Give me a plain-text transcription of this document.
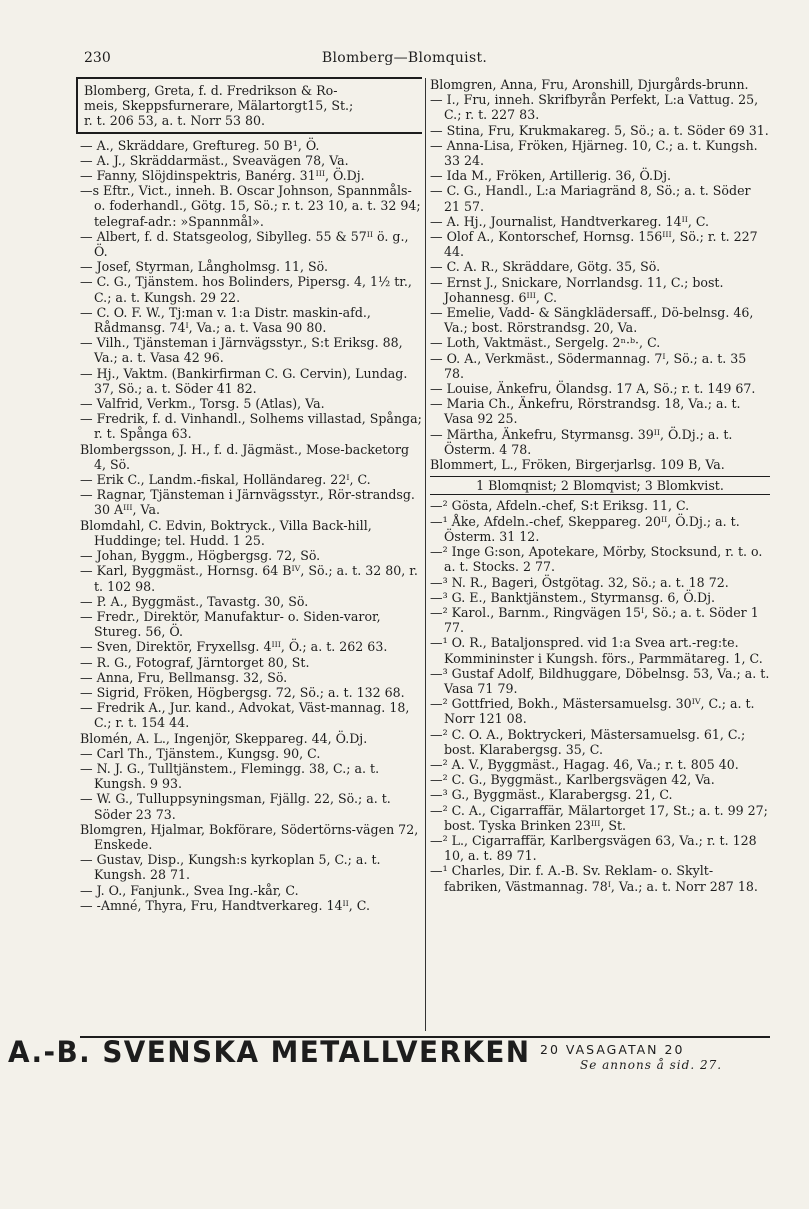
230	Blomberg—Blomquist.
Blomberg, Greta, f. d. Fredrikson & Ro-
meis, Skeppsfurnerare, Mälartorgt15, St.;
r. t. 206 53, a. t. Norr 53 80.

— A., Skräddare, Greftureg. 50 B¹, Ö.

— A. J., Skräddarmäst., Sveavägen 78, Va.

— Fanny, Slöjdinspektris, Banérg. 31ᴵᴵᴵ, Ö.Dj.

—s Eftr., Vict., inneh. B. Oscar Johnson, Spannmåls- o. foderhandl., Götg. 15, Sö.; r. t. 23 10, a. t. 32 94; telegraf-adr.: »Spannmål».

— Albert, f. d. Statsgeolog, Sibylleg. 55 & 57ᴵᴵ ö. g., Ö.

— Josef, Styrman, Långholmsg. 11, Sö.

— C. G., Tjänstem. hos Bolinders, Pipersg. 4, 1½ tr., C.; a. t. Kungsh. 29 22.

— C. O. F. W., Tj:man v. 1:a Distr. maskin-afd., Rådmansg. 74ᴵ, Va.; a. t. Vasa 90 80.

— Vilh., Tjänsteman i Järnvägsstyr., S:t Eriksg. 88, Va.; a. t. Vasa 42 96.

— Hj., Vaktm. (Bankirfirman C. G. Cervin), Lundag. 37, Sö.; a. t. Söder 41 82.

— Valfrid, Verkm., Torsg. 5 (Atlas), Va.

— Fredrik, f. d. Vinhandl., Solhems villastad, Spånga; r. t. Spånga 63.

Blombergsson, J. H., f. d. Jägmäst., Mose-backetorg 4, Sö.

— Erik C., Landm.-fiskal, Holländareg. 22ᴵ, C.

— Ragnar, Tjänsteman i Järnvägsstyr., Rör-strandsg. 30 Aᴵᴵᴵ, Va.

Blomdahl, C. Edvin, Boktryck., Villa Back-hill, Huddinge; tel. Hudd. 1 25.

— Johan, Byggm., Högbergsg. 72, Sö.

— Karl, Byggmäst., Hornsg. 64 Bᴵⱽ, Sö.; a. t. 32 80, r. t. 102 98.

— P. A., Byggmäst., Tavastg. 30, Sö.

— Fredr., Direktör, Manufaktur- o. Siden-varor, Stureg. 56, Ö.

— Sven, Direktör, Fryxellsg. 4ᴵᴵᴵ, Ö.; a. t. 262 63.

— R. G., Fotograf, Järntorget 80, St.

— Anna, Fru, Bellmansg. 32, Sö.

— Sigrid, Fröken, Högbergsg. 72, Sö.; a. t. 132 68.

— Fredrik A., Jur. kand., Advokat, Väst-mannag. 18, C.; r. t. 154 44.

Blomén, A. L., Ingenjör, Skeppareg. 44, Ö.Dj.

— Carl Th., Tjänstem., Kungsg. 90, C.

— N. J. G., Tulltjänstem., Flemingg. 38, C.; a. t. Kungsh. 9 93.

— W. G., Tulluppsyningsman, Fjällg. 22, Sö.; a. t. Söder 23 73.

Blomgren, Hjalmar, Bokförare, Södertörns-vägen 72, Enskede.

— Gustav, Disp., Kungsh:s kyrkoplan 5, C.; a. t. Kungsh. 28 71.

— J. O., Fanjunk., Svea Ing.-kår, C.

— -Amné, Thyra, Fru, Handtverkareg. 14ᴵᴵ, C.

Blomgren, Anna, Fru, Aronshill, Djurgårds-brunn.

— I., Fru, inneh. Skrifbyrån Perfekt, L:a Vattug. 25, C.; r. t. 227 83.

— Stina, Fru, Krukmakareg. 5, Sö.; a. t. Söder 69 31.

— Anna-Lisa, Fröken, Hjärneg. 10, C.; a. t. Kungsh. 33 24.

— Ida M., Fröken, Artillerig. 36, Ö.Dj.

— C. G., Handl., L:a Mariagränd 8, Sö.; a. t. Söder 21 57.

— A. Hj., Journalist, Handtverkareg. 14ᴵᴵ, C.

— Olof A., Kontorschef, Hornsg. 156ᴵᴵᴵ, Sö.; r. t. 227 44.

— C. A. R., Skräddare, Götg. 35, Sö.

— Ernst J., Snickare, Norrlandsg. 11, C.; bost. Johannesg. 6ᴵᴵᴵ, C.

— Emelie, Vadd- & Sängklädersaff., Dö-belnsg. 46, Va.; bost. Rörstrandsg. 20, Va.

— Loth, Vaktmäst., Sergelg. 2ⁿ·ᵇ·, C.

— O. A., Verkmäst., Södermannag. 7ᴵ, Sö.; a. t. 35 78.

— Louise, Änkefru, Ölandsg. 17 A, Sö.; r. t. 149 67.

— Maria Ch., Änkefru, Rörstrandsg. 18, Va.; a. t. Vasa 92 25.

— Märtha, Änkefru, Styrmansg. 39ᴵᴵ, Ö.Dj.; a. t. Österm. 4 78.

Blommert, L., Fröken, Birgerjarlsg. 109 B, Va.

1 Blomqnist; 2 Blomqvist; 3 Blomkvist.

—² Gösta, Afdeln.-chef, S:t Eriksg. 11, C.

—¹ Åke, Afdeln.-chef, Skeppareg. 20ᴵᴵ, Ö.Dj.; a. t. Österm. 31 12.

—² Inge G:son, Apotekare, Mörby, Stocksund, r. t. o. a. t. Stocks. 2 77.

—³ N. R., Bageri, Östgötag. 32, Sö.; a. t. 18 72.

—³ G. E., Banktjänstem., Styrmansg. 6, Ö.Dj.

—² Karol., Barnm., Ringvägen 15ᴵ, Sö.; a. t. Söder 1 77.

—¹ O. R., Bataljonspred. vid 1:a Svea art.-reg:te. Kommininster i Kungsh. förs., Parmmätareg. 1, C.

—³ Gustaf Adolf, Bildhuggare, Döbelnsg. 53, Va.; a. t. Vasa 71 79.

—² Gottfried, Bokh., Mästersamuelsg. 30ᴵⱽ, C.; a. t. Norr 121 08.

—² C. O. A., Boktryckeri, Mästersamuelsg. 61, C.; bost. Klarabergsg. 35, C.

—² A. V., Byggmäst., Hagag. 46, Va.; r. t. 805 40.

—² C. G., Byggmäst., Karlbergsvägen 42, Va.

—³ G., Byggmäst., Klarabergsg. 21, C.

—² C. A., Cigarraffär, Mälartorget 17, St.; a. t. 99 27; bost. Tyska Brinken 23ᴵᴵᴵ, St.

—² L., Cigarraffär, Karlbergsvägen 63, Va.; r. t. 128 10, a. t. 89 71.

—¹ Charles, Dir. f. A.-B. Sv. Reklam- o. Skylt-fabriken, Västmannag. 78ᴵ, Va.; a. t. Norr 287 18.

A.-B. SVENSKA METALLVERKEN 20 VASAGATAN 20
Se annons å sid. 27.
